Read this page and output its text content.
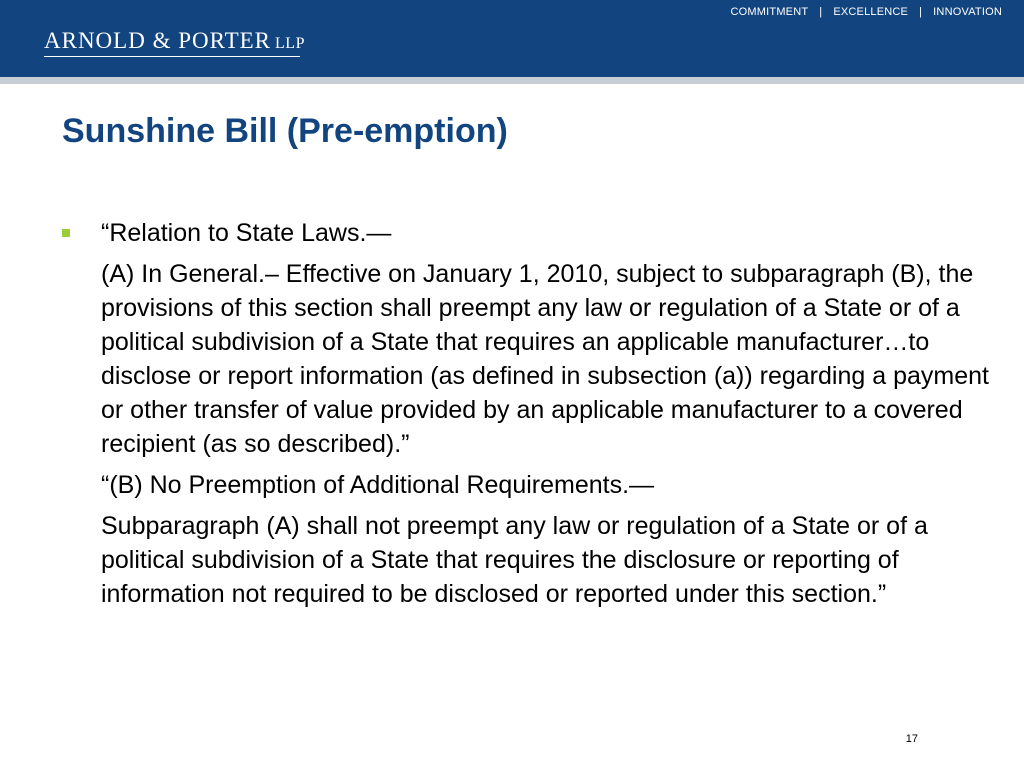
COMMITMENT | EXCELLENCE | INNOVATION
ARNOLD & PORTER LLP
Sunshine Bill (Pre-emption)
“Relation to State Laws.—
(A) In General.– Effective on January 1, 2010, subject to subparagraph (B), the provisions of this section shall preempt any law or regulation of a State or of a political subdivision of a State that requires an applicable manufacturer…to disclose or report information (as defined in subsection (a)) regarding a payment or other transfer of value provided by an applicable manufacturer to a covered recipient (as so described).”
“(B) No Preemption of Additional Requirements.—
Subparagraph (A) shall not preempt any law or regulation of a State or of a political subdivision of a State that requires the disclosure or reporting of information not required to be disclosed or reported under this section.”
17
